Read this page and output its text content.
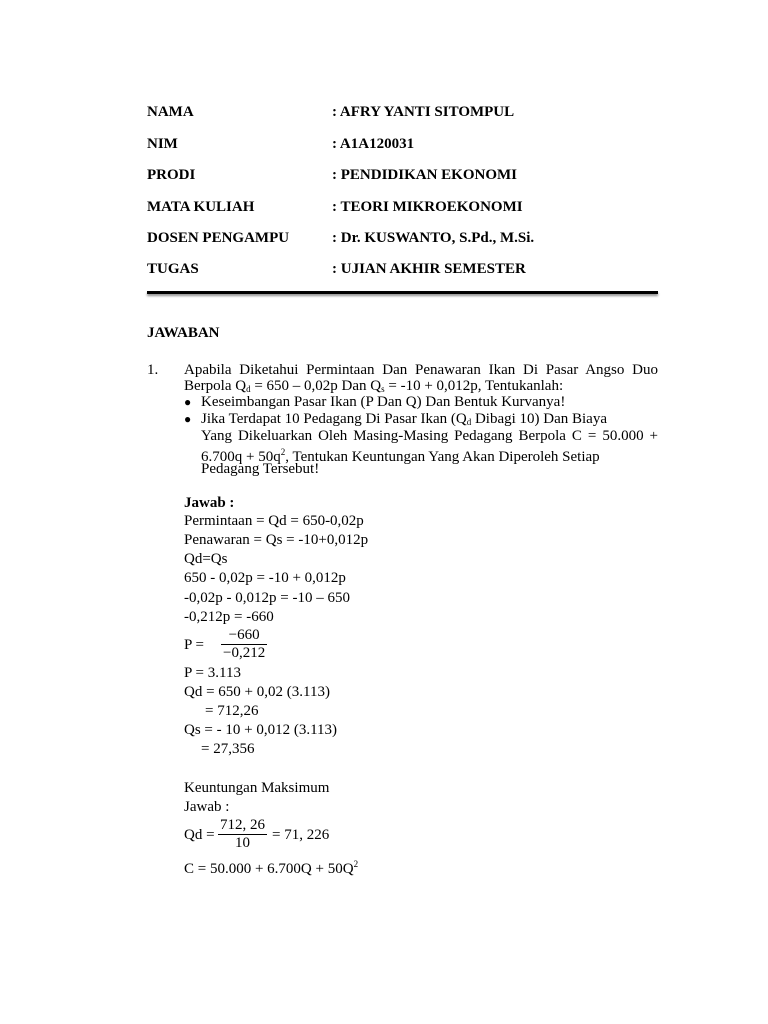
NAMA	: AFRY YANTI SITOMPUL
NIM	: A1A120031
PRODI	: PENDIDIKAN EKONOMI
MATA KULIAH	: TEORI MIKROEKONOMI
DOSEN PENGAMPU	: Dr. KUSWANTO, S.Pd., M.Si.
TUGAS	: UJIAN AKHIR SEMESTER
JAWABAN
1. Apabila Diketahui Permintaan Dan Penawaran Ikan Di Pasar Angso Duo
Berpola $Q_d = 650 - 0,02p$ Dan $Q_s = -10 + 0,012p$, Tentukanlah:
● Keseimbangan Pasar Ikan (P Dan Q) Dan Bentuk Kurvanya!
● Jika Terdapat 10 Pedagang Di Pasar Ikan ($Q_d$ Dibagi 10) Dan Biaya
Yang Dikeluarkan Oleh Masing-Masing Pedagang Berpola C = 50.000 +
$6.700q + 50q^2$, Tentukan Keuntungan Yang Akan Diperoleh Setiap
Pedagang Tersebut!
Jawab :
Permintaan = Qd = 650-0,02p
Penawaran = Qs = -10+0,012p
Qd=Qs
650 - 0,02p = -10 + 0,012p
-0,02p - 0,012p = -10 – 650
-0,212p = -660
$P = \frac{-660}{-0,212}$
P = 3.113
Qd = 650 + 0,02 (3.113)
= 712,26
Qs = - 10 + 0,012 (3.113)
= 27,356
Keuntungan Maksimum
Jawab :
$Qd = \frac{712, 26}{10} = 71$, 226
$C = 50.000 + 6.700Q + 50Q^2$
